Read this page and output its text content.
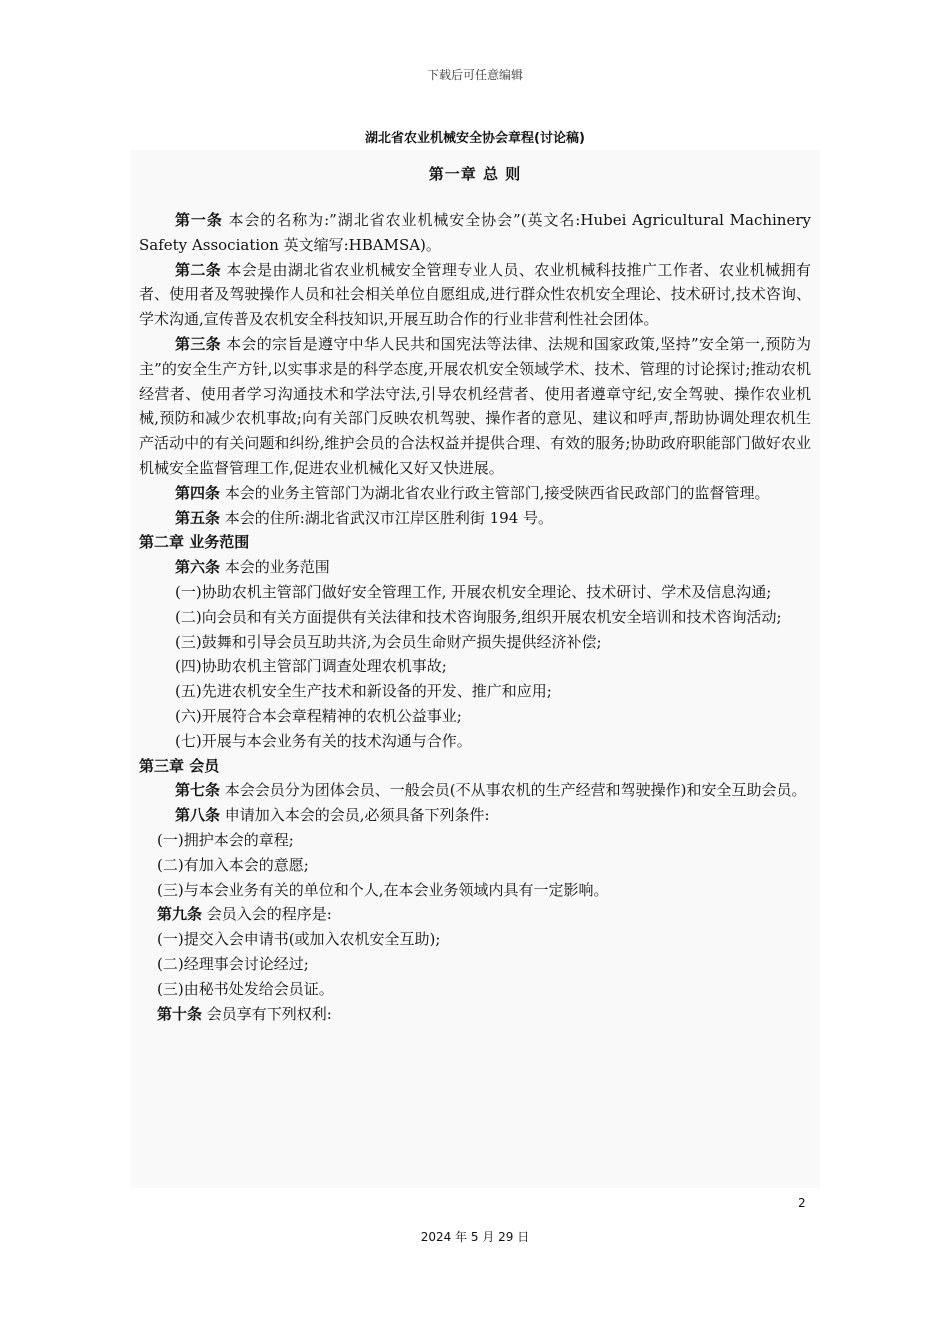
下载后可任意编辑
湖北省农业机械安全协会章程(讨论稿)
第一章 总 则

第一条 本会的名称为:”湖北省农业机械安全协会”(英文名:Hubei Agricultural Machinery Safety Association 英文缩写:HBAMSA)。

第二条 本会是由湖北省农业机械安全管理专业人员、农业机械科技推广工作者、农业机械拥有者、使用者及驾驶操作人员和社会相关单位自愿组成,进行群众性农机安全理论、技术研讨,技术咨询、学术沟通,宣传普及农机安全科技知识,开展互助合作的行业非营利性社会团体。

第三条 本会的宗旨是遵守中华人民共和国宪法等法律、法规和国家政策,坚持”安全第一,预防为主”的安全生产方针,以实事求是的科学态度,开展农机安全领域学术、技术、管理的讨论探讨;推动农机经营者、使用者学习沟通技术和学法守法,引导农机经营者、使用者遵章守纪,安全驾驶、操作农业机械,预防和减少农机事故;向有关部门反映农机驾驶、操作者的意见、建议和呼声,帮助协调处理农机生产活动中的有关问题和纠纷,维护会员的合法权益并提供合理、有效的服务;协助政府职能部门做好农业机械安全监督管理工作,促进农业机械化又好又快进展。

第四条 本会的业务主管部门为湖北省农业行政主管部门,接受陕西省民政部门的监督管理。

第五条 本会的住所:湖北省武汉市江岸区胜利街 194 号。

第二章 业务范围

第六条 本会的业务范围

(一)协助农机主管部门做好安全管理工作, 开展农机安全理论、技术研讨、学术及信息沟通;

(二)向会员和有关方面提供有关法律和技术咨询服务,组织开展农机安全培训和技术咨询活动;

(三)鼓舞和引导会员互助共济,为会员生命财产损失提供经济补偿;

(四)协助农机主管部门调查处理农机事故;

(五)先进农机安全生产技术和新设备的开发、推广和应用;

(六)开展符合本会章程精神的农机公益事业;

(七)开展与本会业务有关的技术沟通与合作。

第三章 会员

第七条 本会会员分为团体会员、一般会员(不从事农机的生产经营和驾驶操作)和安全互助会员。

第八条 申请加入本会的会员,必须具备下列条件:

(一)拥护本会的章程;

(二)有加入本会的意愿;

(三)与本会业务有关的单位和个人,在本会业务领域内具有一定影响。

第九条 会员入会的程序是:

(一)提交入会申请书(或加入农机安全互助);

(二)经理事会讨论经过;

(三)由秘书处发给会员证。

第十条 会员享有下列权利:

2
2024 年 5 月 29 日
